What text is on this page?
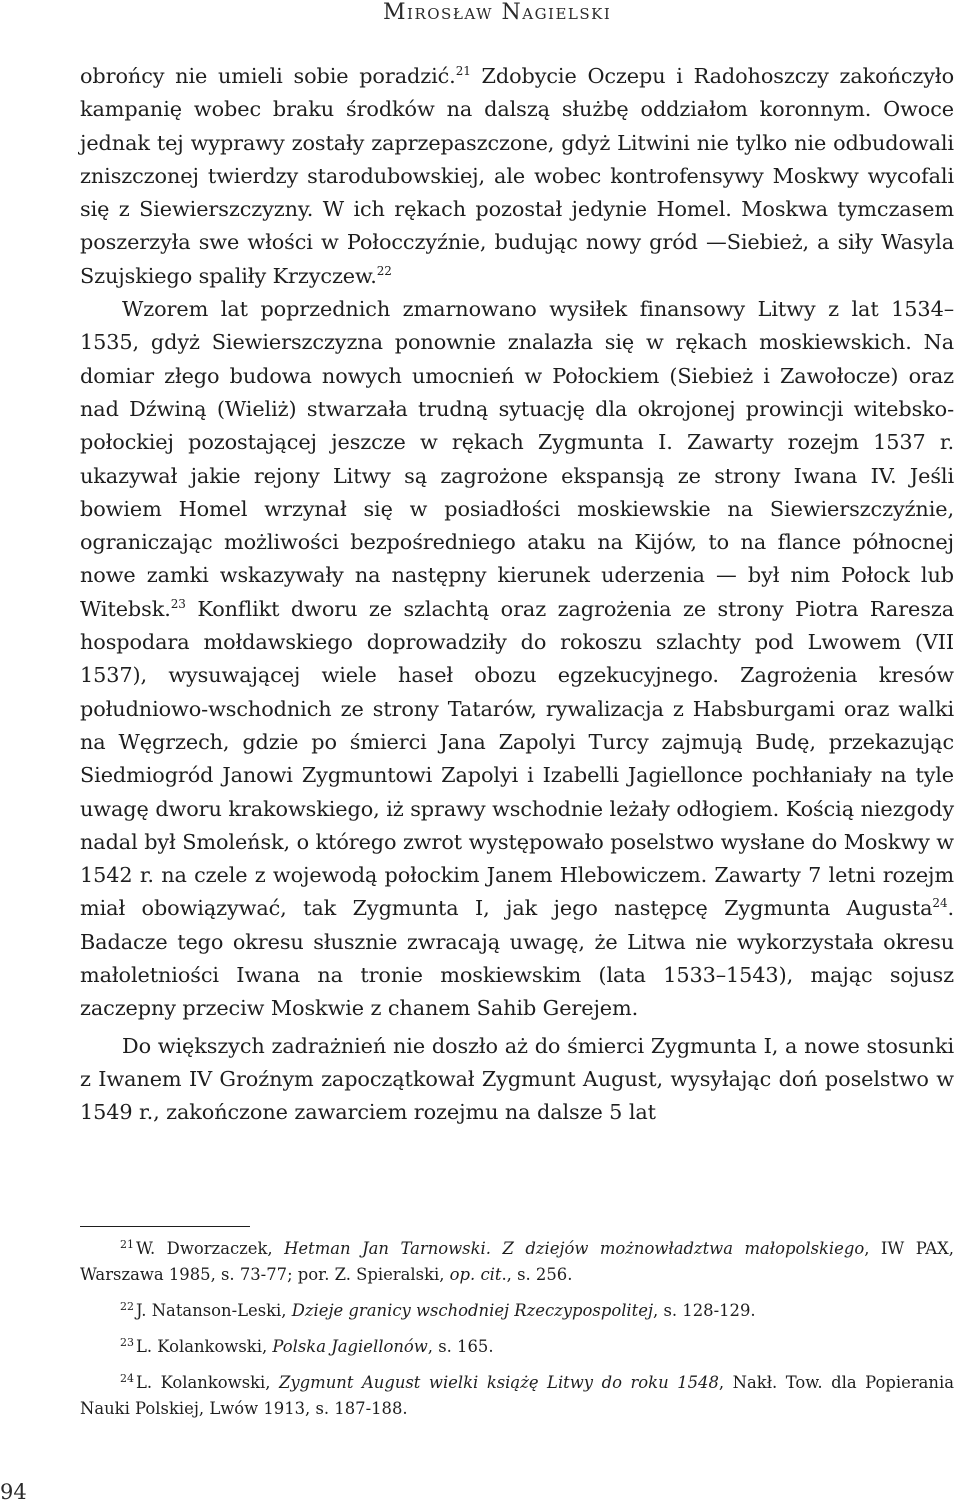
Mirosław Nagielski

obrońcy nie umieli sobie poradzić.$^{21}$ Zdobycie Oczepu i Radohoszczy zakończyło kampanię wobec braku środków na dalszą służbę oddziałom koronnym. Owoce jednak tej wyprawy zostały zaprzepaszczone, gdyż Litwini nie tylko nie odbudowali zniszczonej twierdzy starodubowskiej, ale wobec kontrofensywy Moskwy wycofali się z Siewierszczyzny. W ich rękach pozostał jedynie Homel. Moskwa tymczasem poszerzyła swe włości w Połocczyźnie, budując nowy gród —Siebież, a siły Wasyla Szujskiego spaliły Krzyczew.$^{22}$

Wzorem lat poprzednich zmarnowano wysiłek finansowy Litwy z lat 1534–1535, gdyż Siewierszczyzna ponownie znalazła się w rękach moskiewskich. Na domiar złego budowa nowych umocnień w Połockiem (Siebież i Zawołocze) oraz nad Dźwiną (Wieliż) stwarzała trudną sytuację dla okrojonej prowincji witebsko-połockiej pozostającej jeszcze w rękach Zygmunta I. Zawarty rozejm 1537 r. ukazywał jakie rejony Litwy są zagrożone ekspansją ze strony Iwana IV. Jeśli bowiem Homel wrzynał się w posiadłości moskiewskie na Siewierszczyźnie, ograniczając możliwości bezpośredniego ataku na Kijów, to na flance północnej nowe zamki wskazywały na następny kierunek uderzenia — był nim Połock lub Witebsk.$^{23}$ Konflikt dworu ze szlachtą oraz zagrożenia ze strony Piotra Raresza hospodara mołdawskiego doprowadziły do rokoszu szlachty pod Lwowem (VII 1537), wysuwającej wiele haseł obozu egzekucyjnego. Zagrożenia kresów południowo-wschodnich ze strony Tatarów, rywalizacja z Habsburgami oraz walki na Węgrzech, gdzie po śmierci Jana Zapolyi Turcy zajmują Budę, przekazując Siedmiogród Janowi Zygmuntowi Zapolyi i Izabelli Jagiellonce pochłaniały na tyle uwagę dworu krakowskiego, iż sprawy wschodnie leżały odłogiem. Kością niezgody nadal był Smoleńsk, o którego zwrot występowało poselstwo wysłane do Moskwy w 1542 r. na czele z wojewodą połockim Janem Hlebowiczem. Zawarty 7 letni rozejm miał obowiązywać, tak Zygmunta I, jak jego następcę Zygmunta Augusta$^{24}$. Badacze tego okresu słusznie zwracają uwagę, że Litwa nie wykorzystała okresu małoletniości Iwana na tronie moskiewskim (lata 1533–1543), mając sojusz zaczepny przeciw Moskwie z chanem Sahib Gerejem.

Do większych zadrażnień nie doszło aż do śmierci Zygmunta I, a nowe stosunki z Iwanem IV Groźnym zapoczątkował Zygmunt August, wysyłając doń poselstwo w 1549 r., zakończone zawarciem rozejmu na dalsze 5 lat

$^{21}$ W. Dworzaczek, Hetman Jan Tarnowski. Z dziejów możnowładztwa małopolskiego, IW PAX, Warszawa 1985, s. 73-77; por. Z. Spieralski, op. cit., s. 256.

$^{22}$ J. Natanson-Leski, Dzieje granicy wschodniej Rzeczypospolitej, s. 128-129.

$^{23}$ L. Kolankowski, Polska Jagiellonów, s. 165.

$^{24}$ L. Kolankowski, Zygmunt August wielki książę Litwy do roku 1548, Nakł. Tow. dla Popierania Nauki Polskiej, Lwów 1913, s. 187-188.

94
